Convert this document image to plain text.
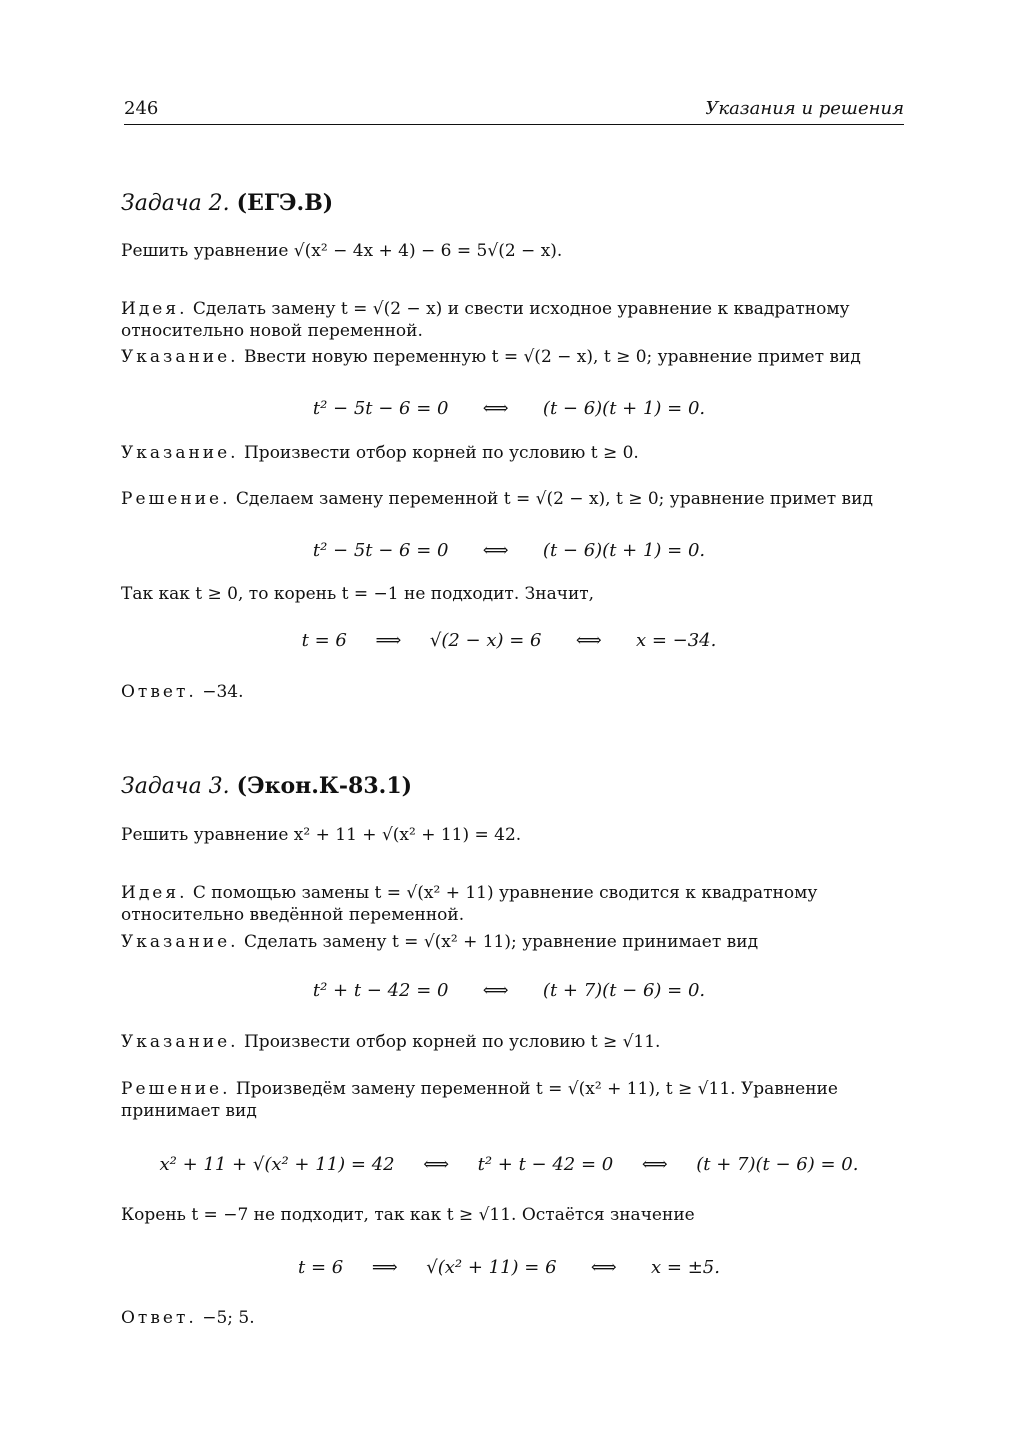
246	Указания и решения
Задача 2. (ЕГЭ.В)
Решить уравнение √(x² − 4x + 4) − 6 = 5√(2 − x).
Идея. Сделать замену t = √(2 − x) и свести исходное уравнение к квадратному относительно новой переменной.
Указание. Ввести новую переменную t = √(2 − x), t ≥ 0; уравнение примет вид
t² − 5t − 6 = 0      ⟺      (t − 6)(t + 1) = 0.
Указание. Произвести отбор корней по условию t ≥ 0.
Решение. Сделаем замену переменной t = √(2 − x), t ≥ 0; уравнение примет вид
t² − 5t − 6 = 0      ⟺      (t − 6)(t + 1) = 0.
Так как t ≥ 0, то корень t = −1 не подходит. Значит,
t = 6     ⟹     √(2 − x) = 6      ⟺      x = −34.
Ответ. −34.
Задача 3. (Экон.К-83.1)
Решить уравнение x² + 11 + √(x² + 11) = 42.
Идея. С помощью замены t = √(x² + 11) уравнение сводится к квадратному относительно введённой переменной.
Указание. Сделать замену t = √(x² + 11); уравнение принимает вид
t² + t − 42 = 0      ⟺      (t + 7)(t − 6) = 0.
Указание. Произвести отбор корней по условию t ≥ √11.
Решение. Произведём замену переменной t = √(x² + 11), t ≥ √11. Уравнение принимает вид
x² + 11 + √(x² + 11) = 42     ⟺     t² + t − 42 = 0     ⟺     (t + 7)(t − 6) = 0.
Корень t = −7 не подходит, так как t ≥ √11. Остаётся значение
t = 6     ⟹     √(x² + 11) = 6      ⟺      x = ±5.
Ответ. −5; 5.
